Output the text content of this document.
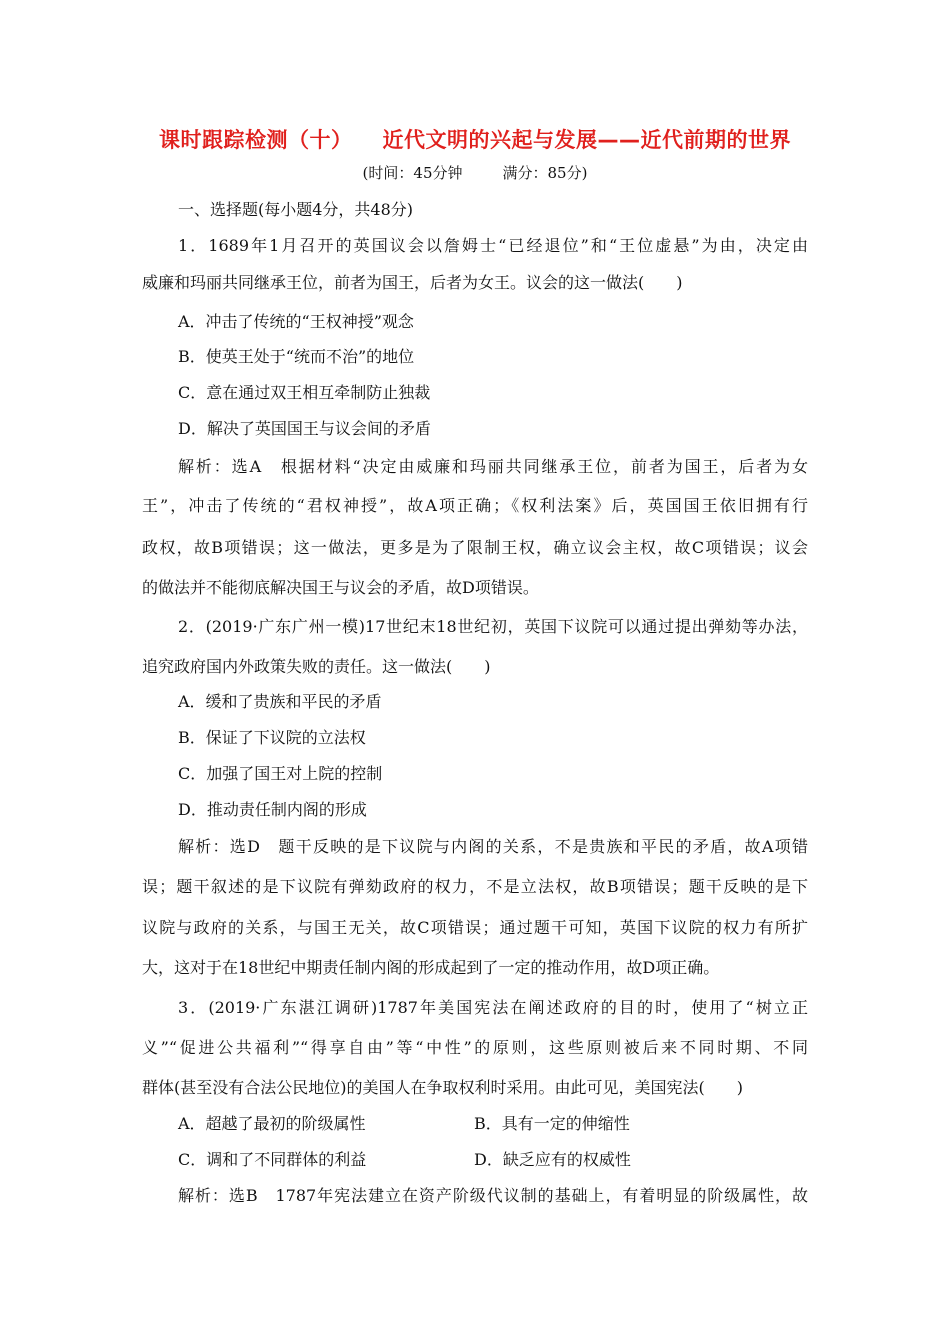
课时跟踪检测（十） 近代文明的兴起与发展——近代前期的世界
(时间：45分钟	满分：85分)
一、选择题(每小题4分，共48分)
1．1689年1月召开的英国议会以詹姆士“已经退位”和“王位虚悬”为由，决定由
威廉和玛丽共同继承王位，前者为国王，后者为女王。议会的这一做法(　　)
A．冲击了传统的“王权神授”观念
B．使英王处于“统而不治”的地位
C．意在通过双王相互牵制防止独裁
D．解决了英国国王与议会间的矛盾
解析：选A　根据材料“决定由威廉和玛丽共同继承王位，前者为国王，后者为女
王”，冲击了传统的“君权神授”，故A项正确；《权利法案》后，英国国王依旧拥有行
政权，故B项错误；这一做法，更多是为了限制王权，确立议会主权，故C项错误；议会
的做法并不能彻底解决国王与议会的矛盾，故D项错误。
2．(2019·广东广州一模)17世纪末18世纪初，英国下议院可以通过提出弹劾等办法，
追究政府国内外政策失败的责任。这一做法(　　)
A．缓和了贵族和平民的矛盾
B．保证了下议院的立法权
C．加强了国王对上院的控制
D．推动责任制内阁的形成
解析：选D　题干反映的是下议院与内阁的关系，不是贵族和平民的矛盾，故A项错
误；题干叙述的是下议院有弹劾政府的权力，不是立法权，故B项错误；题干反映的是下
议院与政府的关系，与国王无关，故C项错误；通过题干可知，英国下议院的权力有所扩
大，这对于在18世纪中期责任制内阁的形成起到了一定的推动作用，故D项正确。
3．(2019·广东湛江调研)1787年美国宪法在阐述政府的目的时，使用了“树立正
义”“促进公共福利”“得享自由”等“中性”的原则，这些原则被后来不同时期、不同
群体(甚至没有合法公民地位)的美国人在争取权利时采用。由此可见，美国宪法(　　)
A．超越了最初的阶级属性	B．具有一定的伸缩性
C．调和了不同群体的利益	D．缺乏应有的权威性
解析：选B　1787年宪法建立在资产阶级代议制的基础上，有着明显的阶级属性，故
